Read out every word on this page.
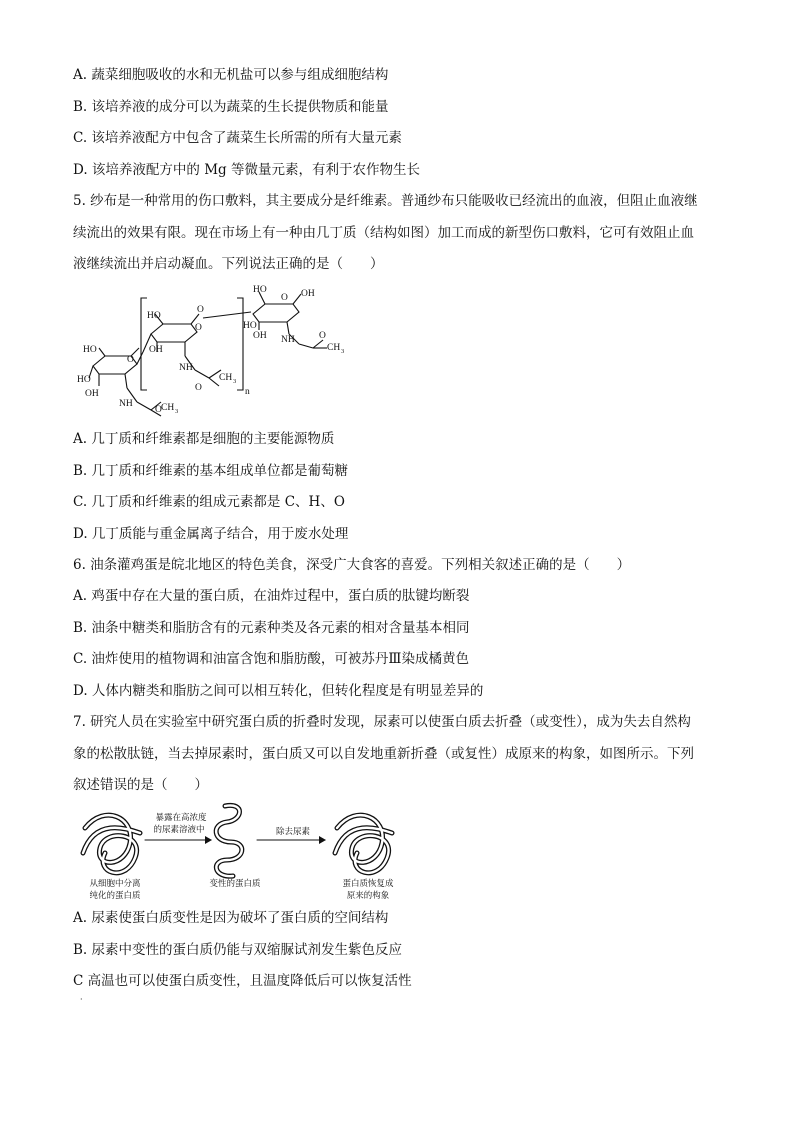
A. 蔬菜细胞吸收的水和无机盐可以参与组成细胞结构
B. 该培养液的成分可以为蔬菜的生长提供物质和能量
C. 该培养液配方中包含了蔬菜生长所需的所有大量元素
D. 该培养液配方中的 Mg 等微量元素，有利于农作物生长
5. 纱布是一种常用的伤口敷料，其主要成分是纤维素。普通纱布只能吸收已经流出的血液，但阻止血液继
续流出的效果有限。现在市场上有一种由几丁质（结构如图）加工而成的新型伤口敷料，它可有效阻止血
液继续流出并启动凝血。下列说法正确的是（　　）
HO
O
HO
OH
NH
O CH 3
HO
O
O
OH
NH
CH 3
O	n
HO
O OH
HO
OH NH	O
CH 3
A. 几丁质和纤维素都是细胞的主要能源物质
B. 几丁质和纤维素的基本组成单位都是葡萄糖
C. 几丁质和纤维素的组成元素都是 C、H、O
D. 几丁质能与重金属离子结合，用于废水处理
6. 油条灌鸡蛋是皖北地区的特色美食，深受广大食客的喜爱。下列相关叙述正确的是（　　）
A. 鸡蛋中存在大量的蛋白质，在油炸过程中，蛋白质的肽键均断裂
B. 油条中糖类和脂肪含有的元素种类及各元素的相对含量基本相同
C. 油炸使用的植物调和油富含饱和脂肪酸，可被苏丹Ⅲ染成橘黄色
D. 人体内糖类和脂肪之间可以相互转化，但转化程度是有明显差异的
7. 研究人员在实验室中研究蛋白质的折叠时发现，尿素可以使蛋白质去折叠（或变性），成为失去自然构
象的松散肽链，当去掉尿素时，蛋白质又可以自发地重新折叠（或复性）成原来的构象，如图所示。下列
叙述错误的是（　　）
暴露在高浓度
的尿素溶液中	除去尿素
从细胞中分离
纯化的蛋白质
变性的蛋白质	蛋白质恢复成
原来的构象
A. 尿素使蛋白质变性是因为破坏了蛋白质的空间结构
B. 尿素中变性的蛋白质仍能与双缩脲试剂发生紫色反应
C 高温也可以使蛋白质变性，且温度降低后可以恢复活性
·
